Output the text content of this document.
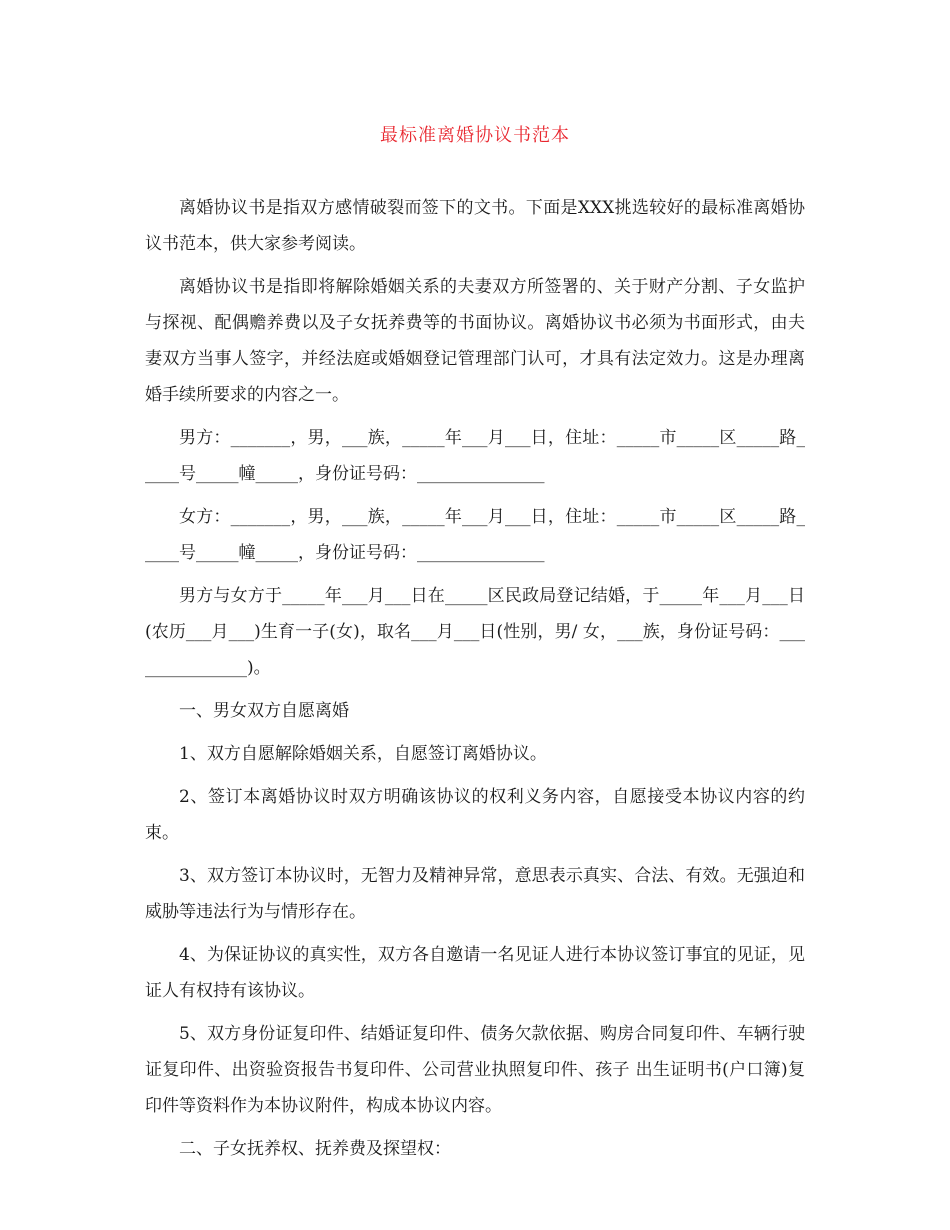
最标准离婚协议书范本

离婚协议书是指双方感情破裂而签下的文书。下面是XXX挑选较好的最标准离婚协议书范本，供大家参考阅读。

离婚协议书是指即将解除婚姻关系的夫妻双方所签署的、关于财产分割、子女监护与探视、配偶赡养费以及子女抚养费等的书面协议。离婚协议书必须为书面形式，由夫妻双方当事人签字，并经法庭或婚姻登记管理部门认可，才具有法定效力。这是办理离婚手续所要求的内容之一。

男方：_______，男，___族，_____年___月___日，住址：_____市_____区_____路_____号_____幢_____，身份证号码：_______________

女方：_______，男，___族，_____年___月___日，住址：_____市_____区_____路_____号_____幢_____，身份证号码：_______________

男方与女方于_____年___月___日在_____区民政局登记结婚，于_____年___月___日(农历___月___)生育一子(女)，取名___月___日(性别，男/ 女，___族，身份证号码：_______________)。

一、男女双方自愿离婚

1、双方自愿解除婚姻关系，自愿签订离婚协议。

2、签订本离婚协议时双方明确该协议的权利义务内容，自愿接受本协议内容的约束。

3、双方签订本协议时，无智力及精神异常，意思表示真实、合法、有效。无强迫和威胁等违法行为与情形存在。

4、为保证协议的真实性，双方各自邀请一名见证人进行本协议签订事宜的见证，见证人有权持有该协议。

5、双方身份证复印件、结婚证复印件、债务欠款依据、购房合同复印件、车辆行驶证复印件、出资验资报告书复印件、公司营业执照复印件、孩子 出生证明书(户口簿)复印件等资料作为本协议附件，构成本协议内容。

二、子女抚养权、抚养费及探望权：
